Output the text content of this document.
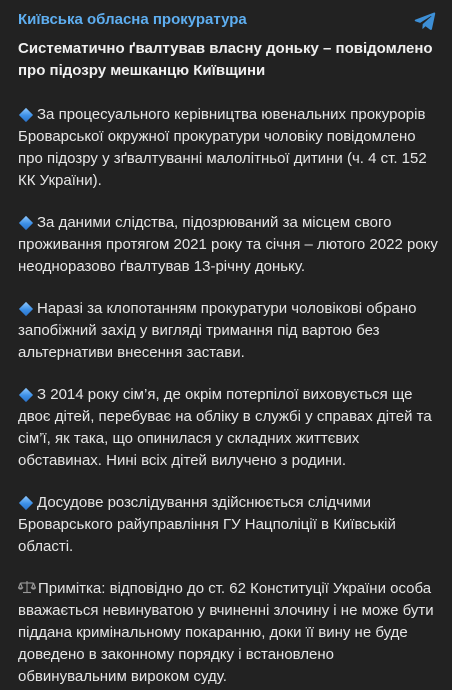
Київська обласна прокуратура
Систематично ґвалтував власну доньку – повідомлено про підозру мешканцю Київщини
За процесуального керівництва ювенальних прокурорів Броварської окружної прокуратури чоловіку повідомлено про підозру у зґвалтуванні малолітньої дитини (ч. 4 ст. 152 КК України).
За даними слідства, підозрюваний за місцем свого проживання протягом 2021 року та січня – лютого 2022 року неодноразово ґвалтував 13-річну доньку.
Наразі за клопотанням прокуратури чоловікові обрано запобіжний захід у вигляді тримання під вартою без альтернативи внесення застави.
З 2014 року сім’я, де окрім потерпілої виховується ще двоє дітей, перебуває на обліку в службі у справах дітей та сім’ї, як така, що опинилася у складних життєвих обставинах. Нині всіх дітей вилучено з родини.
Досудове розслідування здійснюється слідчими Броварського райуправління ГУ Нацполіції в Київській області.
Примітка: відповідно до ст. 62 Конституції України особа вважається невинуватою у вчиненні злочину і не може бути піддана кримінальному покаранню, доки її вину не буде доведено в законному порядку і встановлено обвинувальним вироком суду.
